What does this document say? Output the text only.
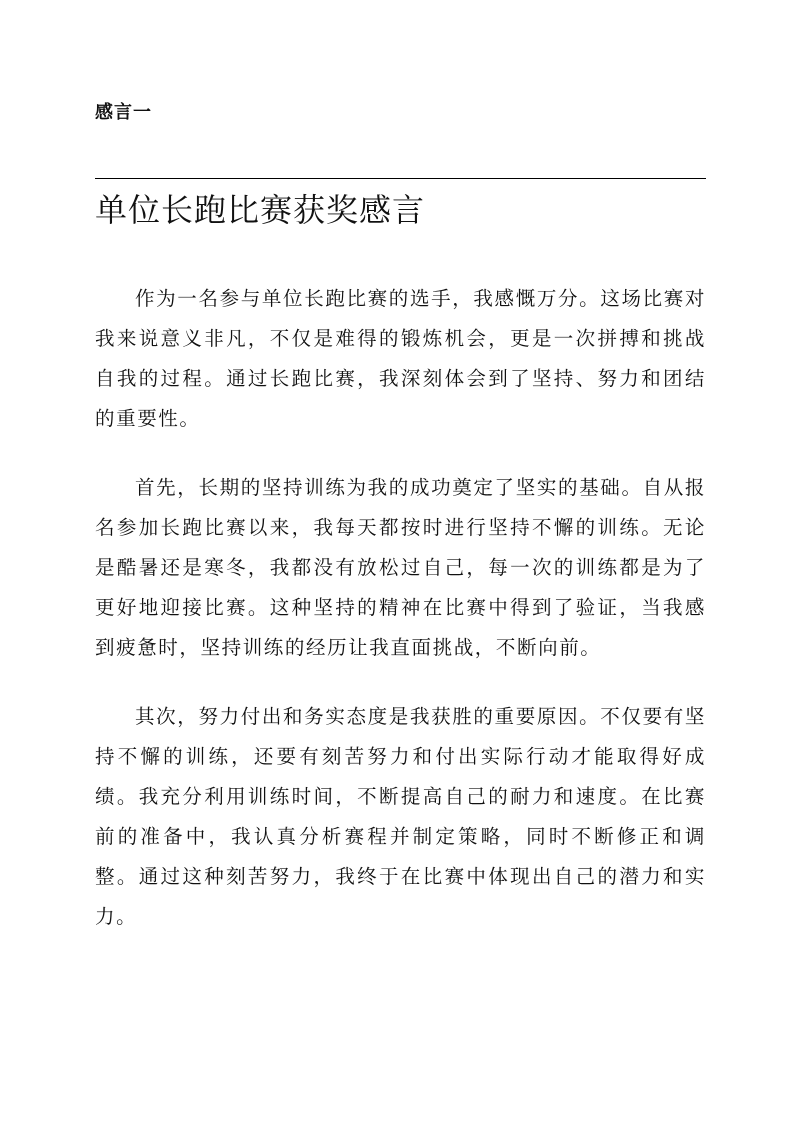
感言一
单位长跑比赛获奖感言

作为一名参与单位长跑比赛的选手，我感慨万分。这场比赛对我来说意义非凡，不仅是难得的锻炼机会，更是一次拼搏和挑战自我的过程。通过长跑比赛，我深刻体会到了坚持、努力和团结的重要性。

首先，长期的坚持训练为我的成功奠定了坚实的基础。自从报名参加长跑比赛以来，我每天都按时进行坚持不懈的训练。无论是酷暑还是寒冬，我都没有放松过自己，每一次的训练都是为了更好地迎接比赛。这种坚持的精神在比赛中得到了验证，当我感到疲惫时，坚持训练的经历让我直面挑战，不断向前。

其次，努力付出和务实态度是我获胜的重要原因。不仅要有坚持不懈的训练，还要有刻苦努力和付出实际行动才能取得好成绩。我充分利用训练时间，不断提高自己的耐力和速度。在比赛前的准备中，我认真分析赛程并制定策略，同时不断修正和调整。通过这种刻苦努力，我终于在比赛中体现出自己的潜力和实力。
